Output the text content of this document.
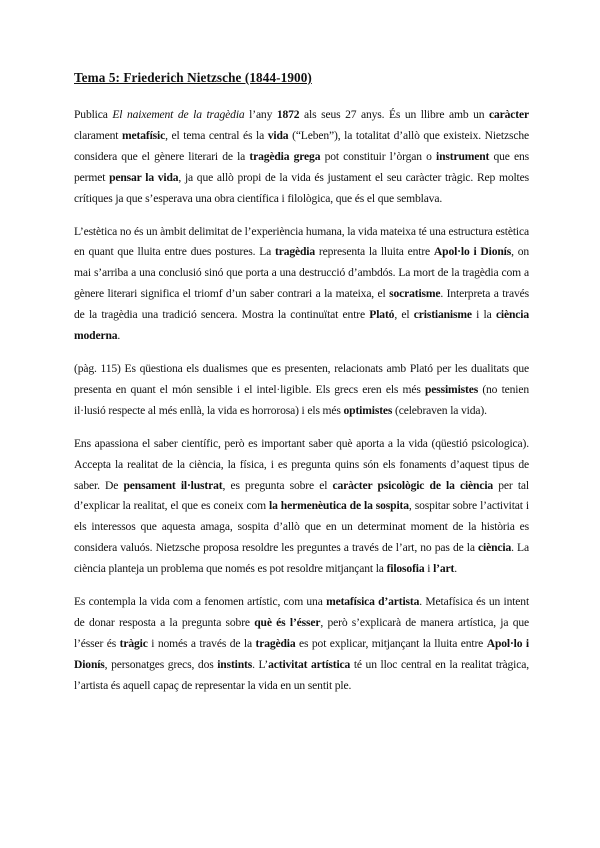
Tema 5: Friederich Nietzsche (1844-1900)

Publica El naixement de la tragèdia l’any 1872 als seus 27 anys. És un llibre amb un caràcter clarament metafísic, el tema central és la vida (“Leben”), la totalitat d’allò que existeix. Nietzsche considera que el gènere literari de la tragèdia grega pot constituir l’òrgan o instrument que ens permet pensar la vida, ja que allò propi de la vida és justament el seu caràcter tràgic. Rep moltes crítiques ja que s’esperava una obra científica i filològica, que és el que semblava.

L’estètica no és un àmbit delimitat de l’experiència humana, la vida mateixa té una estructura estètica en quant que lluita entre dues postures. La tragèdia representa la lluita entre Apol·lo i Dionís, on mai s’arriba a una conclusió sinó que porta a una destrucció d’ambdós. La mort de la tragèdia com a gènere literari significa el triomf d’un saber contrari a la mateixa, el socratisme. Interpreta a través de la tragèdia una tradició sencera. Mostra la continuïtat entre Plató, el cristianisme i la ciència moderna.

(pàg. 115) Es qüestiona els dualismes que es presenten, relacionats amb Plató per les dualitats que presenta en quant el món sensible i el intel·ligible. Els grecs eren els més pessimistes (no tenien il·lusió respecte al més enllà, la vida es horrorosa) i els més optimistes (celebraven la vida).

Ens apassiona el saber científic, però es important saber què aporta a la vida (qüestió psicologica). Accepta la realitat de la ciència, la física, i es pregunta quins són els fonaments d’aquest tipus de saber. De pensament il·lustrat, es pregunta sobre el caràcter psicològic de la ciència per tal d’explicar la realitat, el que es coneix com la hermenèutica de la sospita, sospitar sobre l’activitat i els interessos que aquesta amaga, sospita d’allò que en un determinat moment de la història es considera valuós. Nietzsche proposa resoldre les preguntes a través de l’art, no pas de la ciència. La ciència planteja un problema que només es pot resoldre mitjançant la filosofia i l’art.

Es contempla la vida com a fenomen artístic, com una metafísica d’artista. Metafísica és un intent de donar resposta a la pregunta sobre què és l’ésser, però s’explicarà de manera artística, ja que l’ésser és tràgic i només a través de la tragèdia es pot explicar, mitjançant la lluita entre Apol·lo i Dionís, personatges grecs, dos instints. L’activitat artística té un lloc central en la realitat tràgica, l’artista és aquell capaç de representar la vida en un sentit ple.
